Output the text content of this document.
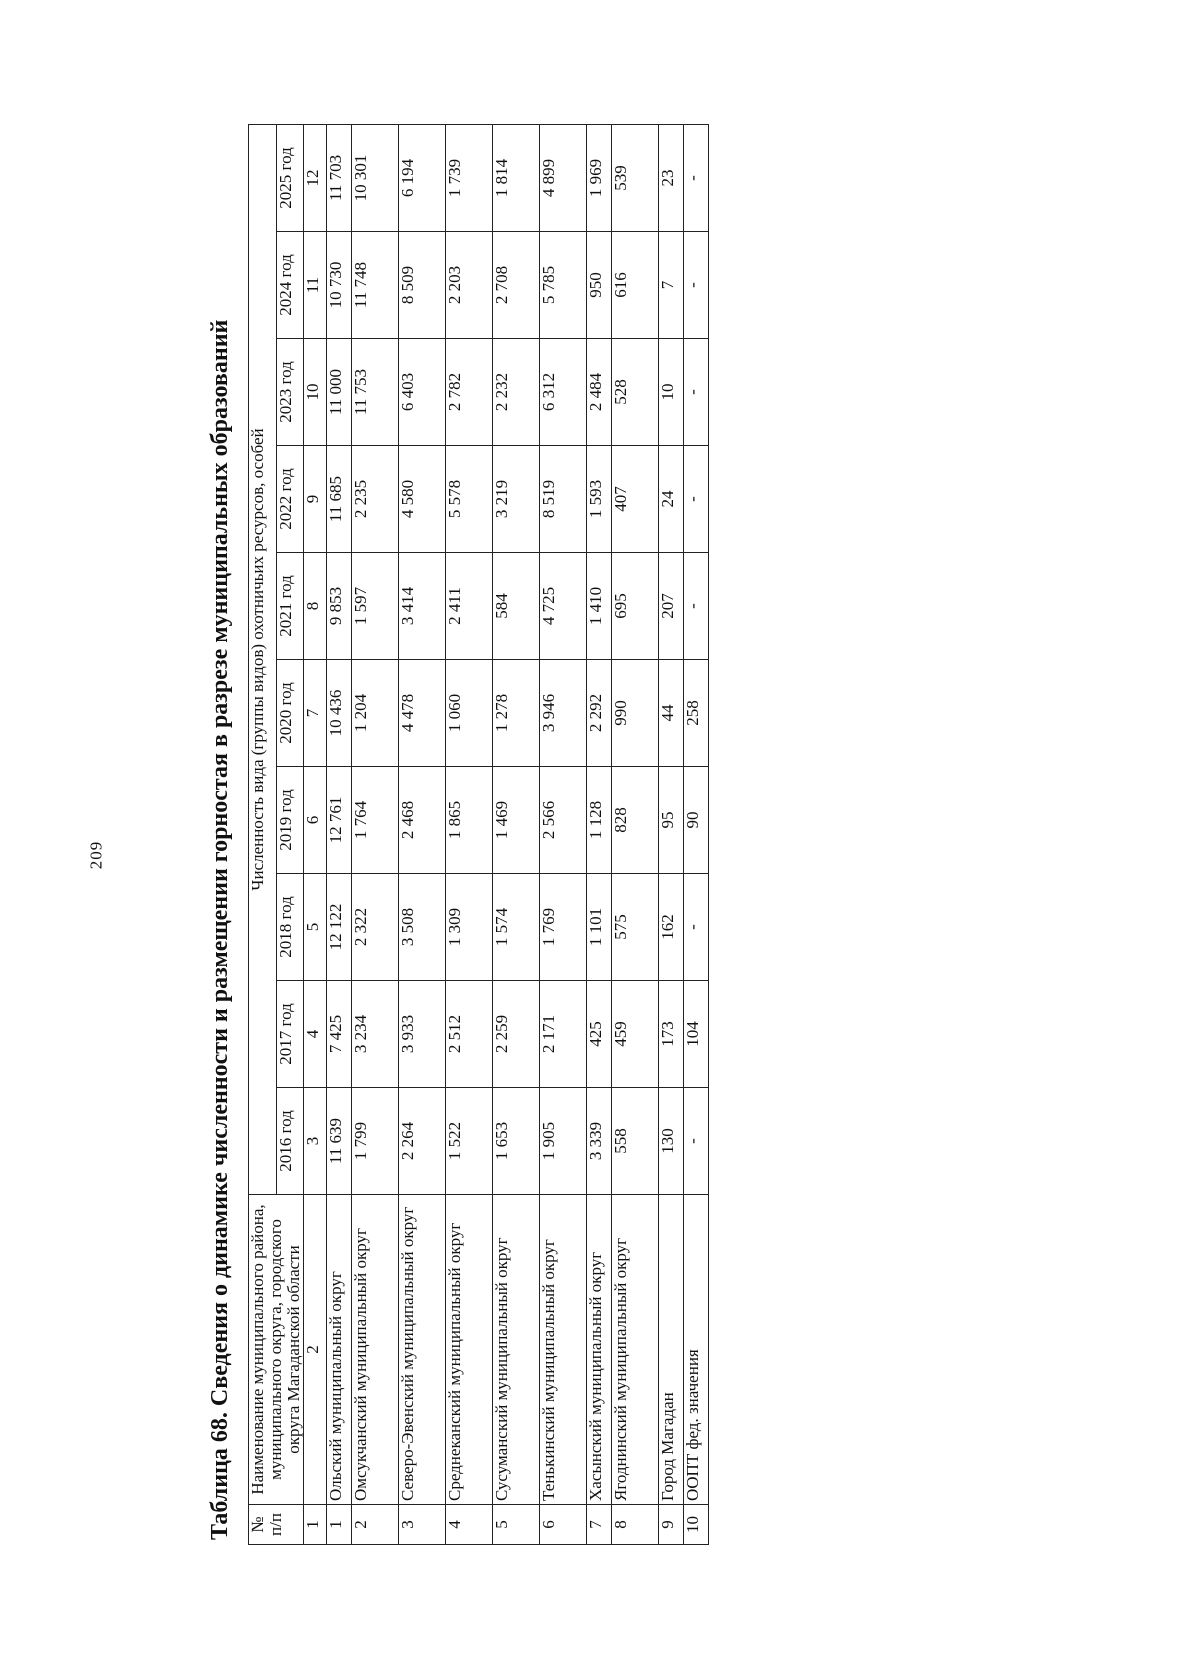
209	Таблица 68. Сведения о динамике численности и размещении горностая в разрезе муниципальных образований № п/п	Наименование муниципального района, муниципального округа, городского округа Магаданской области	Численность вида (группы видов) охотничьих ресурсов, особей									
		2016 год	2017 год	2018 год	2019 год	2020 год	2021 год	2022 год	2023 год	2024 год	2025 год
1	2	3	4	5	6	7	8	9	10	11	12
1	Ольский муниципальный округ	11 639	7 425	12 122	12 761	10 436	9 853	11 685	11 000	10 730	11 703
2	Омсукчанский муниципальный округ	1 799	3 234	2 322	1 764	1 204	1 597	2 235	11 753	11 748	10 301
3	Северо-Эвенский муниципальный округ	2 264	3 933	3 508	2 468	4 478	3 414	4 580	6 403	8 509	6 194
4	Среднеканский муниципальный округ	1 522	2 512	1 309	1 865	1 060	2 411	5 578	2 782	2 203	1 739
5	Сусуманский муниципальный округ	1 653	2 259	1 574	1 469	1 278	584	3 219	2 232	2 708	1 814
6	Тенькинский муниципальный округ	1 905	2 171	1 769	2 566	3 946	4 725	8 519	6 312	5 785	4 899
7	Хасынский муниципальный округ	3 339	425	1 101	1 128	2 292	1 410	1 593	2 484	950	1 969
8	Ягоднинский муниципальный округ	558	459	575	828	990	695	407	528	616	539
9	Город Магадан	130	173	162	95	44	207	24	10	7	23
10	ООПТ фед. значения	-	104	-	90	258	-	-	-	-	-
